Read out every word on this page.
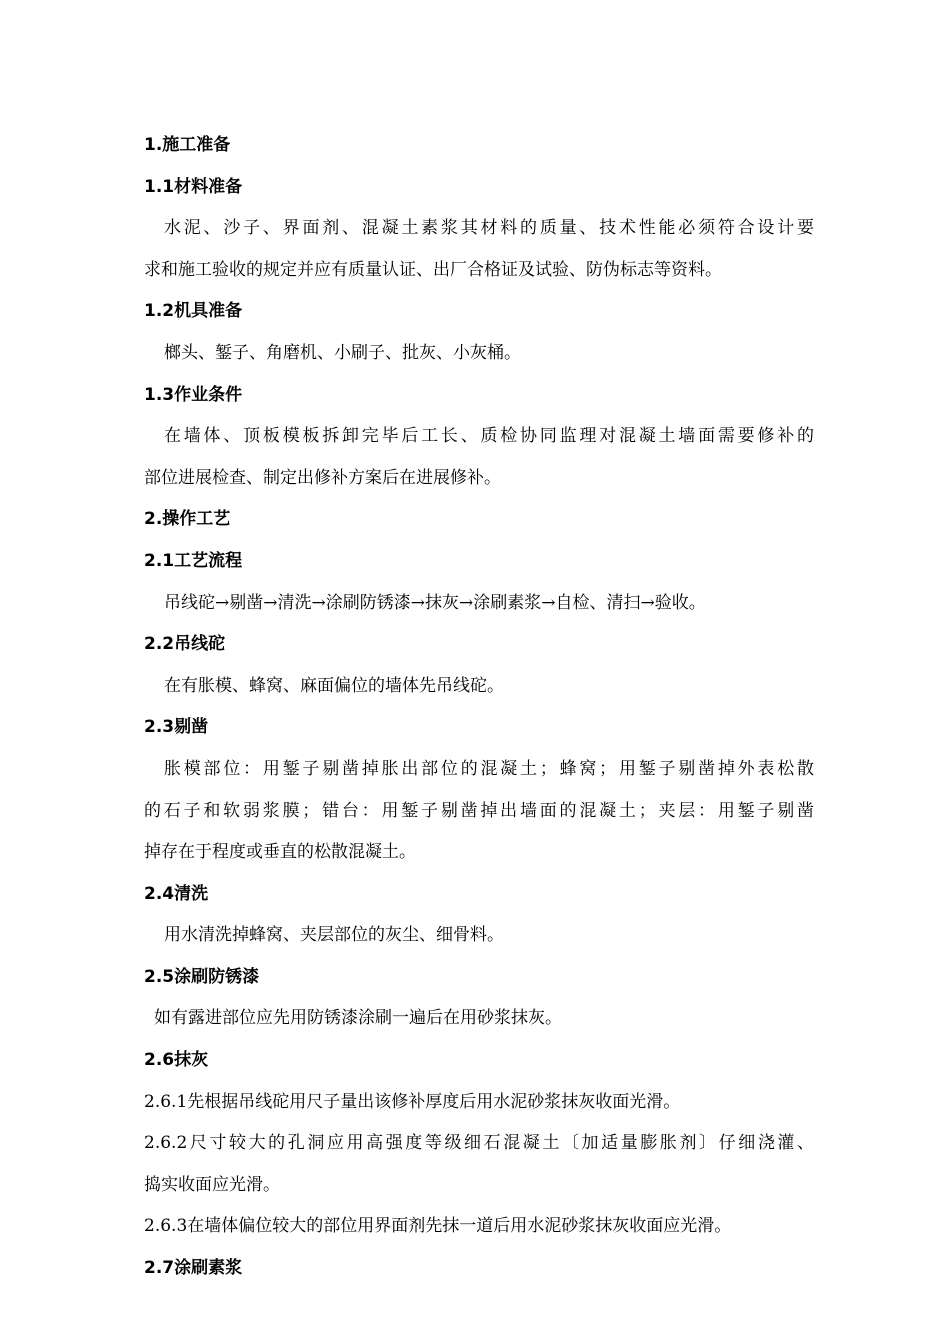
1.施工准备
1.1材料准备
水泥、沙子、界面剂、混凝土素浆其材料的质量、技术性能必须符合设计要
求和施工验收的规定并应有质量认证、出厂合格证及试验、防伪标志等资料。
1.2机具准备
榔头、錾子、角磨机、小刷子、批灰、小灰桶。
1.3作业条件
在墙体、顶板模板拆卸完毕后工长、质检协同监理对混凝土墙面需要修补的
部位进展检查、制定出修补方案后在进展修补。
2.操作工艺
2.1工艺流程
吊线砣→剔凿→清洗→涂刷防锈漆→抹灰→涂刷素浆→自检、清扫→验收。
2.2吊线砣
在有胀模、蜂窝、麻面偏位的墙体先吊线砣。
2.3剔凿
胀模部位：用錾子剔凿掉胀出部位的混凝土；蜂窝；用錾子剔凿掉外表松散
的石子和软弱浆膜；错台：用錾子剔凿掉出墙面的混凝土；夹层：用錾子剔凿
掉存在于程度或垂直的松散混凝土。
2.4清洗
用水清洗掉蜂窝、夹层部位的灰尘、细骨料。
2.5涂刷防锈漆
如有露进部位应先用防锈漆涂刷一遍后在用砂浆抹灰。
2.6抹灰
2.6.1先根据吊线砣用尺子量出该修补厚度后用水泥砂浆抹灰收面光滑。
2.6.2尺寸较大的孔洞应用高强度等级细石混凝土〔加适量膨胀剂〕仔细浇灌、
捣实收面应光滑。
2.6.3在墙体偏位较大的部位用界面剂先抹一道后用水泥砂浆抹灰收面应光滑。
2.7涂刷素浆
